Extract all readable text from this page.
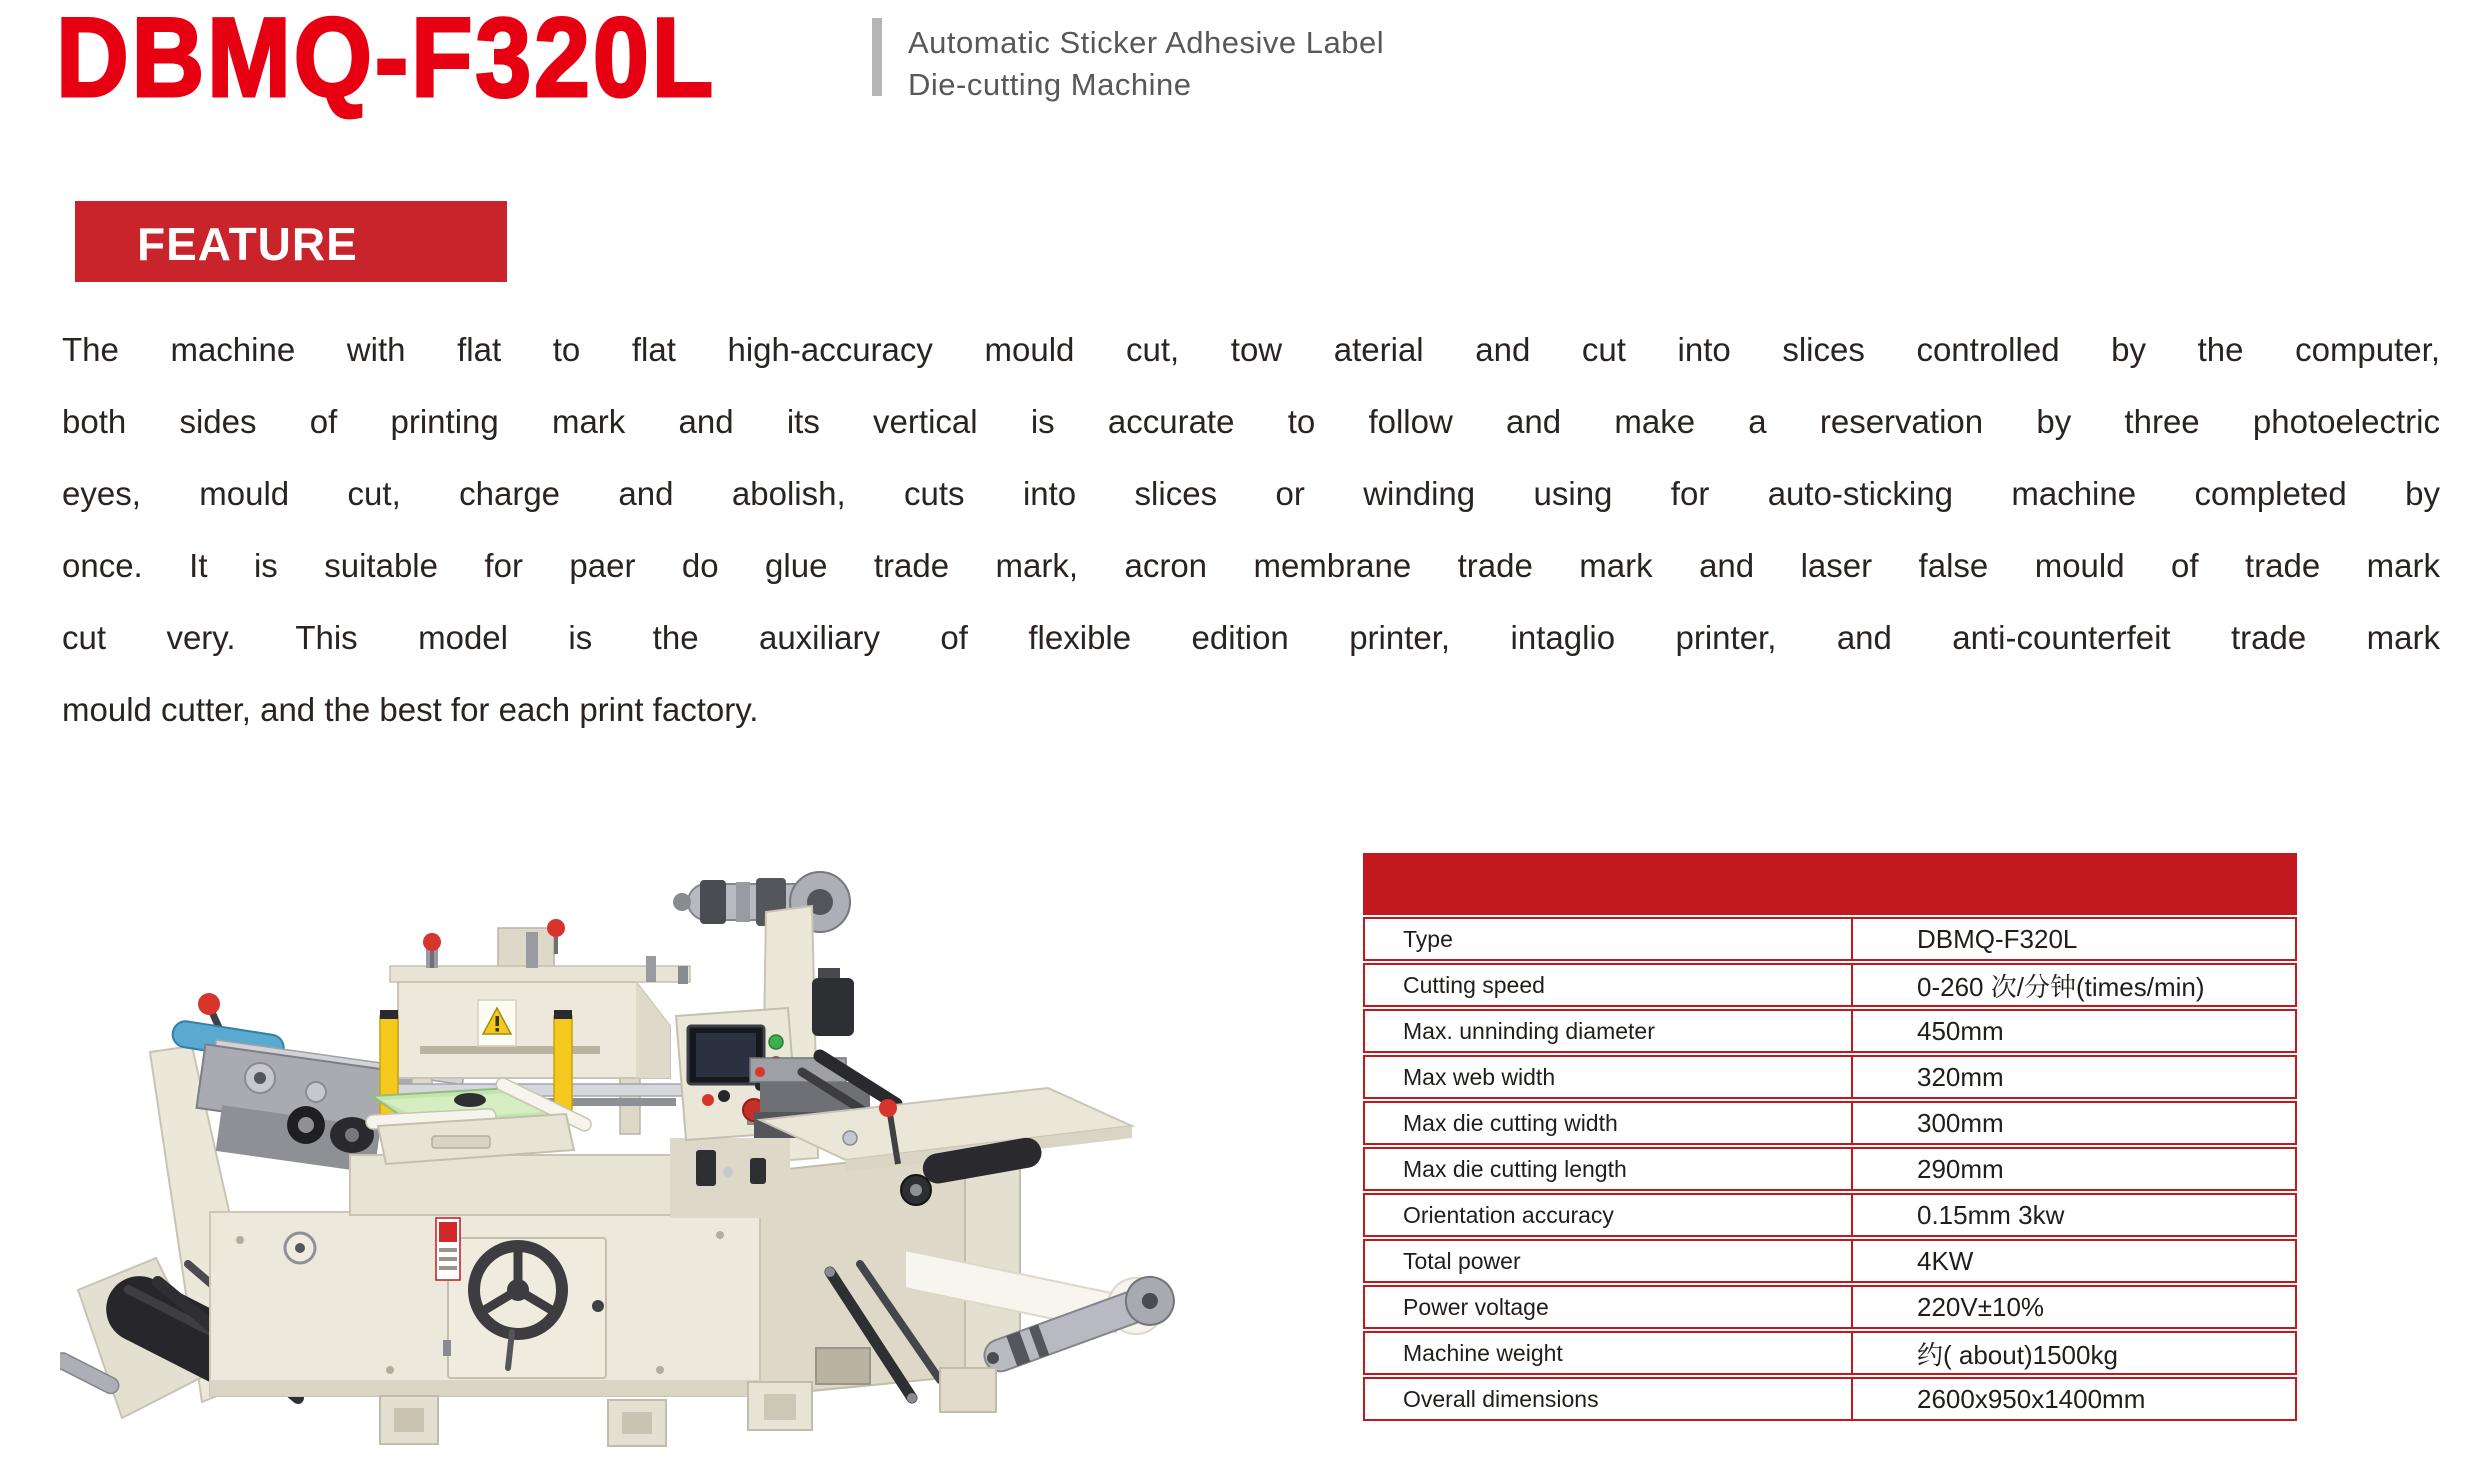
DBMQ-F320L	Automatic Sticker Adhesive Label
Die-cutting Machine
FEATURE
The machine with flat to flat high-accuracy mould cut, tow aterial and cut into slices controlled by the computer,
both sides of printing mark and its vertical is accurate to follow and make a reservation by three photoelectric
eyes, mould cut, charge and abolish, cuts into slices or winding using for auto-sticking machine completed by
once. It is suitable for paer do glue trade mark, acron membrane trade mark and laser false mould of trade mark
cut very. This model is the auxiliary of flexible edition printer, intaglio printer, and anti-counterfeit trade mark
mould cutter, and the best for each print factory.
Type	DBMQ-F320L
Cutting speed	0-260 次/分钟(times/min)
Max. unninding diameter	450mm
Max web width	320mm
Max die cutting width	300mm
Max die cutting length	290mm
Orientation accuracy	0.15mm 3kw
Total power	4KW
Power voltage	220V±10%
Machine weight	约( about)1500kg
Overall dimensions	2600x950x1400mm
